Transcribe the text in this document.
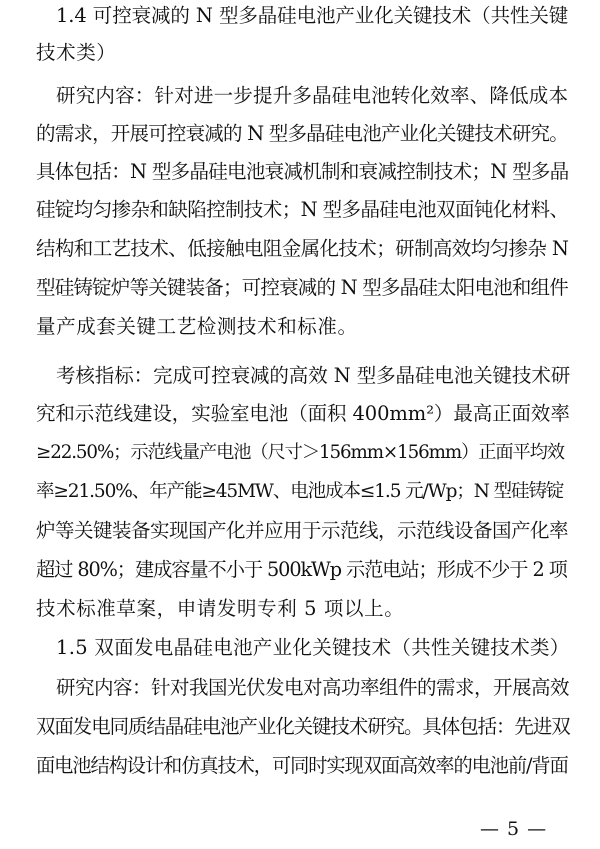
1.4 可控衰减的 N 型多晶硅电池产业化关键技术（共性关键
技术类）
研究内容：针对进一步提升多晶硅电池转化效率、降低成本
的需求，开展可控衰减的 N 型多晶硅电池产业化关键技术研究。
具体包括：N 型多晶硅电池衰减机制和衰减控制技术；N 型多晶
硅锭均匀掺杂和缺陷控制技术；N 型多晶硅电池双面钝化材料、
结构和工艺技术、低接触电阻金属化技术；研制高效均匀掺杂 N
型硅铸锭炉等关键装备；可控衰减的 N 型多晶硅太阳电池和组件
量产成套关键工艺检测技术和标准。
考核指标：完成可控衰减的高效 N 型多晶硅电池关键技术研
究和示范线建设，实验室电池（面积 400mm²）最高正面效率
≥22.50%；示范线量产电池（尺寸＞156mm×156mm）正面平均效
率≥21.50%、年产能≥45MW、电池成本≤1.5 元/Wp；N 型硅铸锭
炉等关键装备实现国产化并应用于示范线，示范线设备国产化率
超过 80%；建成容量不小于 500kWp 示范电站；形成不少于 2 项
技术标准草案，申请发明专利 5 项以上。
1.5 双面发电晶硅电池产业化关键技术（共性关键技术类）
研究内容：针对我国光伏发电对高功率组件的需求，开展高效
双面发电同质结晶硅电池产业化关键技术研究。具体包括：先进双
面电池结构设计和仿真技术，可同时实现双面高效率的电池前/背面
— 5 —
